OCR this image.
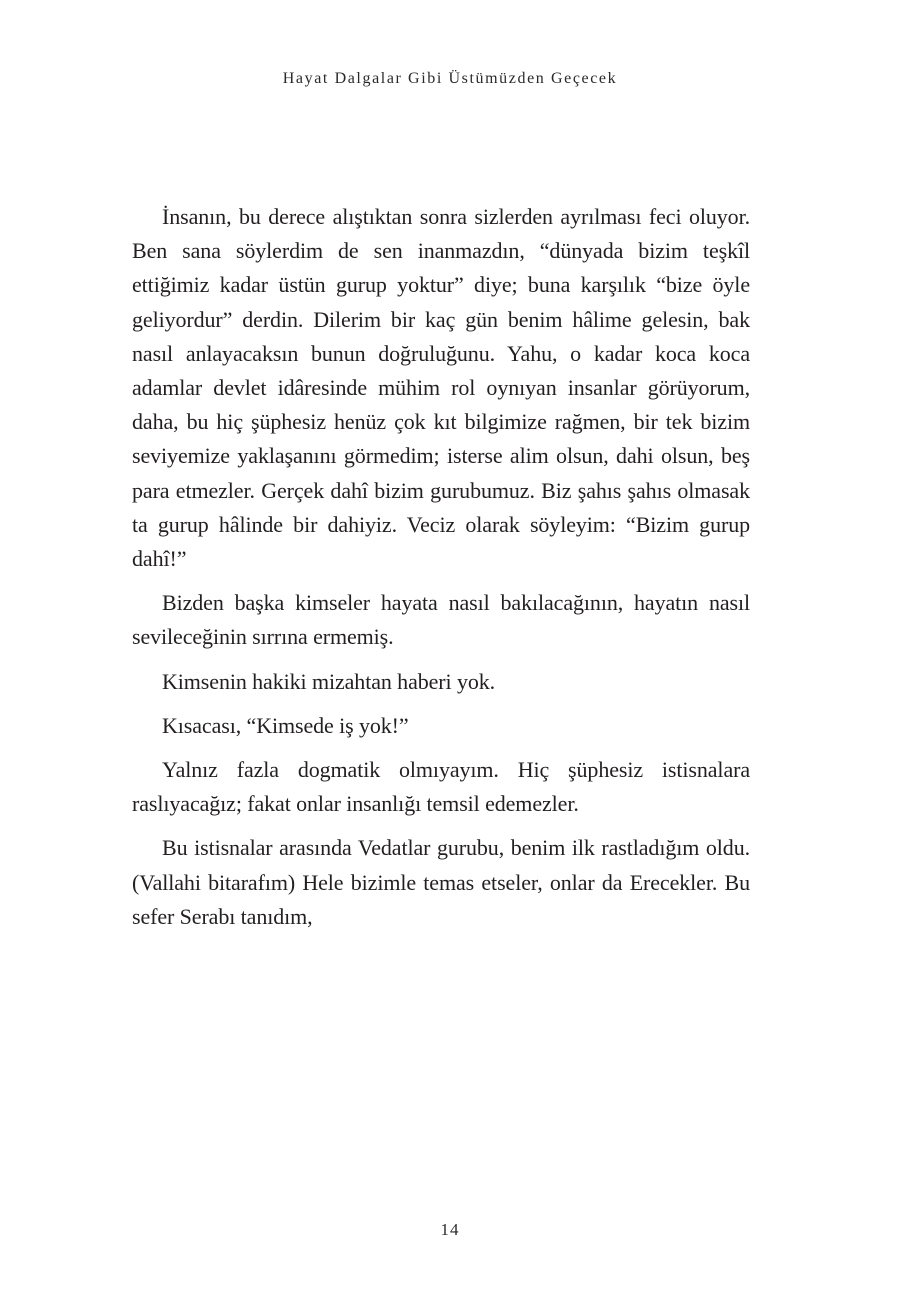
Hayat Dalgalar Gibi Üstümüzden Geçecek

İnsanın, bu derece alıştıktan sonra sizlerden ayrılması feci oluyor. Ben sana söylerdim de sen inanmazdın, “dünyada bizim teşkîl ettiğimiz kadar üstün gurup yoktur” diye; buna karşılık “bize öyle geliyordur” derdin. Dilerim bir kaç gün benim hâlime gelesin, bak nasıl anlayacaksın bunun doğruluğunu. Yahu, o kadar koca koca adamlar devlet idâresinde mühim rol oynıyan insanlar görüyorum, daha, bu hiç şüphesiz henüz çok kıt bilgimize rağmen, bir tek bizim seviyemize yaklaşanını görmedim; isterse alim olsun, dahi olsun, beş para etmezler. Gerçek dahî bizim gurubumuz. Biz şahıs şahıs olmasak ta gurup hâlinde bir dahiyiz. Veciz olarak söyleyim: “Bizim gurup dahî!”

Bizden başka kimseler hayata nasıl bakılacağının, hayatın nasıl sevileceğinin sırrına ermemiş.

Kimsenin hakiki mizahtan haberi yok.

Kısacası, “Kimsede iş yok!”

Yalnız fazla dogmatik olmıyayım. Hiç şüphesiz istisnalara raslıyacağız; fakat onlar insanlığı temsil edemezler.

Bu istisnalar arasında Vedatlar gurubu, benim ilk rastladığım oldu. (Vallahi bitarafım) Hele bizimle temas etseler, onlar da Erecekler. Bu sefer Serabı tanıdım,

14
